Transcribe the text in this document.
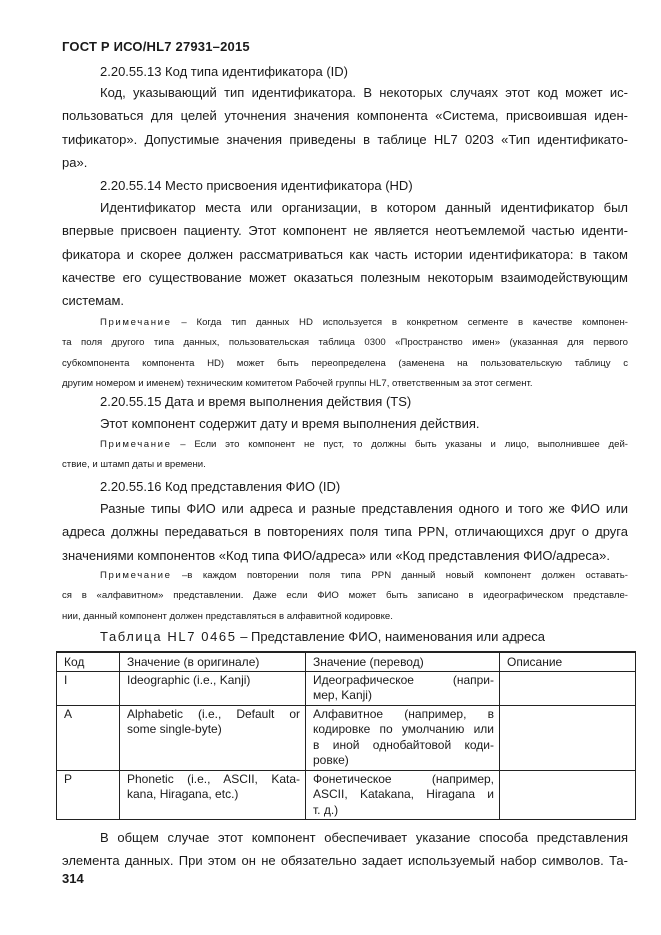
ГОСТ Р ИСО/HL7 27931–2015
2.20.55.13 Код типа идентификатора (ID)
Код, указывающий тип идентификатора. В некоторых случаях этот код может ис-
пользоваться для целей уточнения значения компонента «Система, присвоившая иден-
тификатор». Допустимые значения приведены в таблице HL7 0203 «Тип идентификато-
ра».
2.20.55.14 Место присвоения идентификатора (HD)
Идентификатор места или организации, в котором данный идентификатор был
впервые присвоен пациенту. Этот компонент не является неотъемлемой частью иденти-
фикатора и скорее должен рассматриваться как часть истории идентификатора: в таком
качестве его существование может оказаться полезным некоторым взаимодействующим
системам.
Примечание – Когда тип данных HD используется в конкретном сегменте в качестве компонен-
та поля другого типа данных, пользовательская таблица 0300 «Пространство имен» (указанная для первого
субкомпонента компонента HD) может быть переопределена (заменена на пользовательскую таблицу с
другим номером и именем) техническим комитетом Рабочей группы HL7, ответственным за этот сегмент.
2.20.55.15 Дата и время выполнения действия (TS)
Этот компонент содержит дату и время выполнения действия.
Примечание – Если это компонент не пуст, то должны быть указаны и лицо, выполнившее дей-
ствие, и штамп даты и времени.
2.20.55.16 Код представления ФИО (ID)
Разные типы ФИО или адреса и разные представления одного и того же ФИО или
адреса должны передаваться в повторениях поля типа PPN, отличающихся друг о друга
значениями компонентов «Код типа ФИО/адреса» или «Код представления ФИО/адреса».
Примечание –в каждом повторении поля типа PPN данный новый компонент должен оставать-
ся в «алфавитном» представлении. Даже если ФИО может быть записано в идеографическом представле-
нии, данный компонент должен представляться в алфавитной кодировке.
Таблица HL7 0465 – Представление ФИО, наименования или адреса
Код	Значение (в оригинале)	Значение (перевод)	Описание
I	Ideographic (i.e., Kanji)	Идеографическое (напри-
мер, Kanji)	

A	Alphabetic (i.e., Default or
some single-byte)	Алфавитное (например, в
кодировке по умолчанию или
в иной однобайтовой коди-
ровке)	

P	Phonetic (i.e., ASCII, Kata-
kana, Hiragana, etc.)	Фонетическое (например,
ASCII, Katakana, Hiragana и
т. д.)	

В общем случае этот компонент обеспечивает указание способа представления
элемента данных. При этом он не обязательно задает используемый набор символов. Та-
314
